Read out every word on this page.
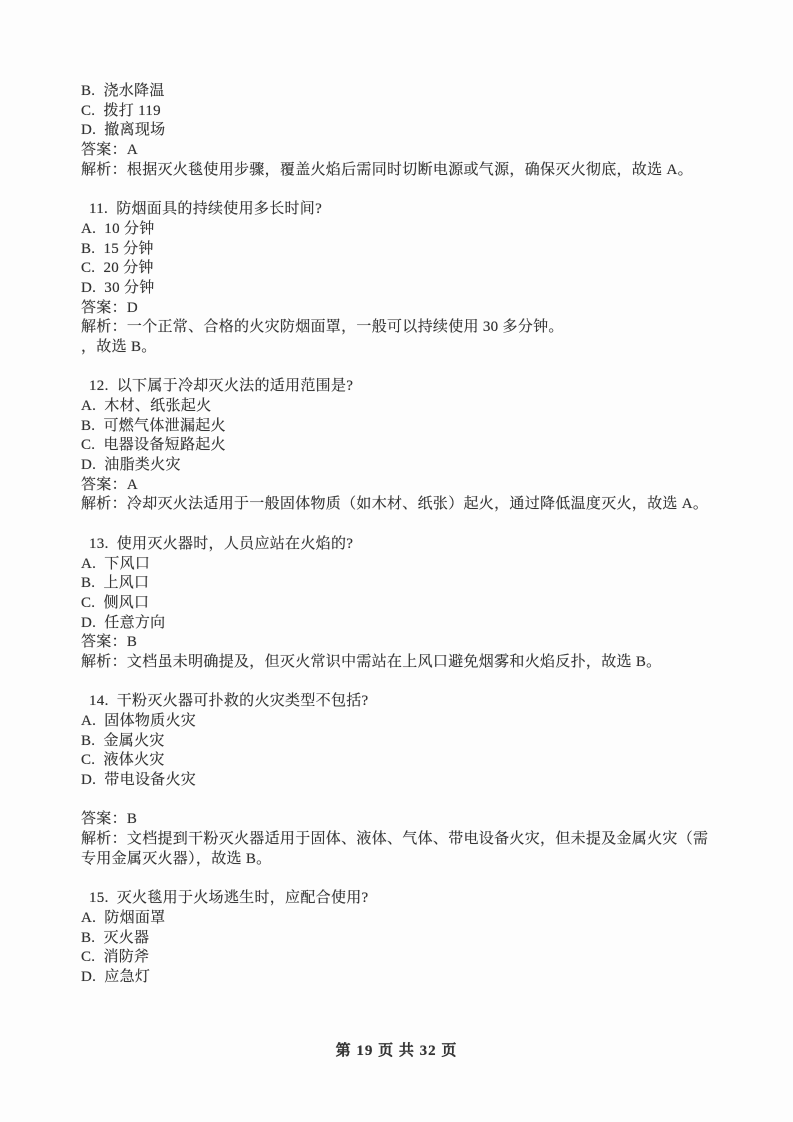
B.  浇水降温
C.  拨打 119
D.  撤离现场
答案：A
解析：根据灭火毯使用步骤，覆盖火焰后需同时切断电源或气源，确保灭火彻底，故选 A。
11.  防烟面具的持续使用多长时间?
A.  10 分钟
B.  15 分钟
C.  20 分钟
D.  30 分钟
答案：D
解析：一个正常、合格的火灾防烟面罩，一般可以持续使用 30 多分钟。
，故选 B。
12.  以下属于冷却灭火法的适用范围是?
A.  木材、纸张起火
B.  可燃气体泄漏起火
C.  电器设备短路起火
D.  油脂类火灾
答案：A
解析：冷却灭火法适用于一般固体物质（如木材、纸张）起火，通过降低温度灭火，故选 A。
13.  使用灭火器时，人员应站在火焰的?
A.  下风口
B.  上风口
C.  侧风口
D.  任意方向
答案：B
解析：文档虽未明确提及，但灭火常识中需站在上风口避免烟雾和火焰反扑，故选 B。
14.  干粉灭火器可扑救的火灾类型不包括?
A.  固体物质火灾
B.  金属火灾
C.  液体火灾
D.  带电设备火灾
答案：B
解析：文档提到干粉灭火器适用于固体、液体、气体、带电设备火灾，但未提及金属火灾（需
专用金属灭火器），故选 B。
15.  灭火毯用于火场逃生时，应配合使用?
A.  防烟面罩
B.  灭火器
C.  消防斧
D.  应急灯
第 19 页 共 32 页
